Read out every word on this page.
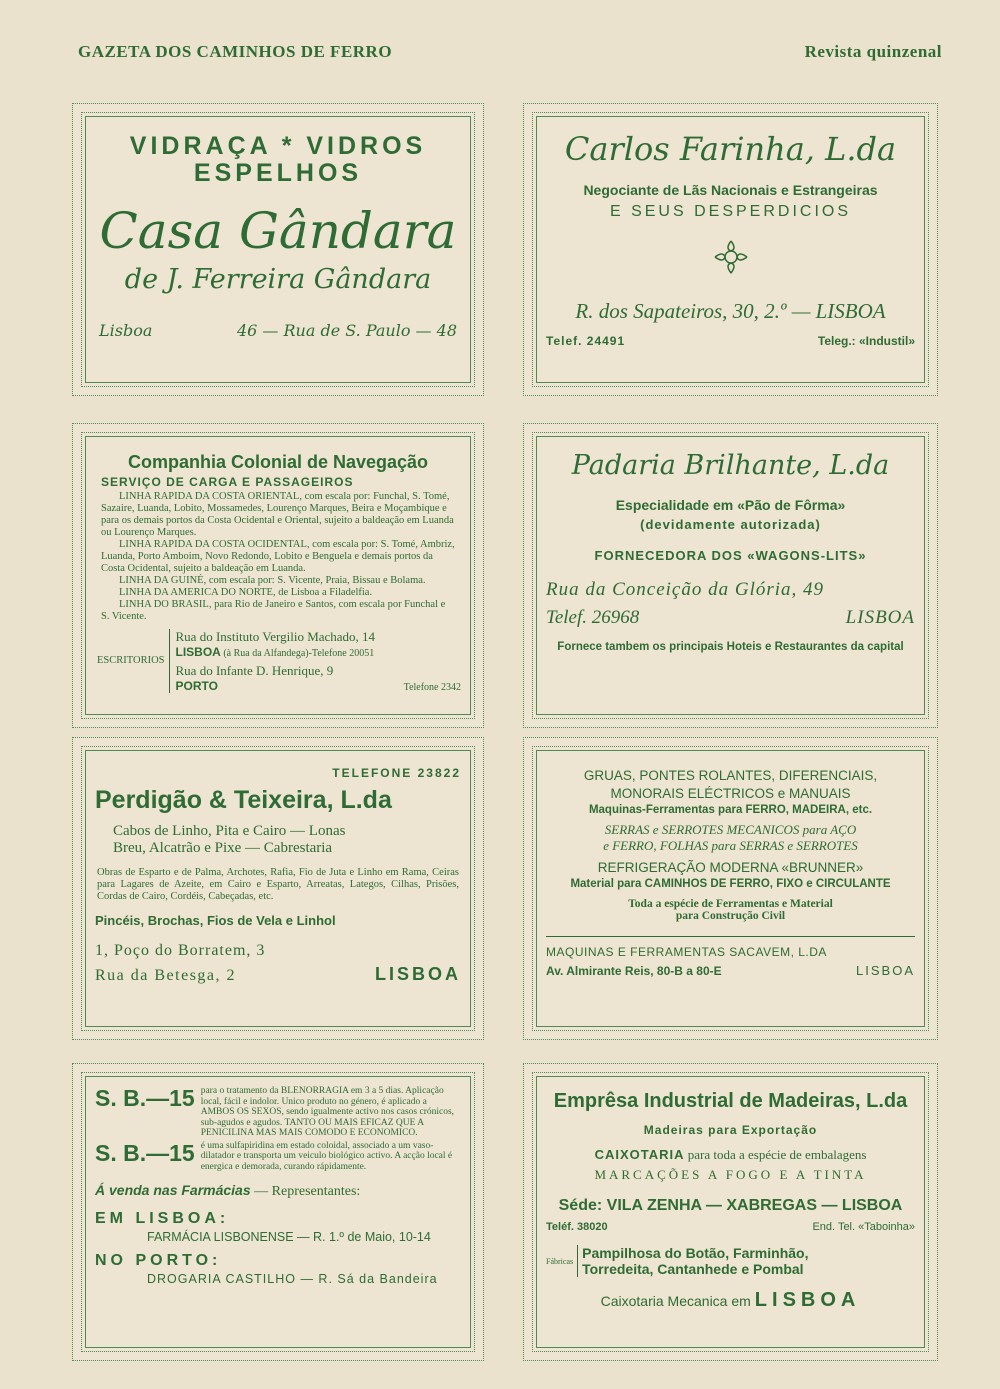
GAZETA DOS CAMINHOS DE FERRO	Revista quinzenal
VIDRAÇA * VIDROS
ESPELHOS
Casa Gândara
de J. Ferreira Gândara
Lisboa	46 — Rua de S. Paulo — 48
Carlos Farinha, L.da
Negociante de Lãs Nacionais e Estrangeiras
E SEUS DESPERDICIOS
R. dos Sapateiros, 30, 2.º — LISBOA
Telef. 24491	Teleg.: «Industil»
Companhia Colonial de Navegação
SERVIÇO DE CARGA E PASSAGEIROS
LINHA RAPIDA DA COSTA ORIENTAL, com escala por: Funchal, S. Tomé, Sazaire, Luanda, Lobito, Mossamedes, Lourenço Marques, Beira e Moçambique e para os demais portos da Costa Ocidental e Oriental, sujeito a baldeação em Luanda ou Lourenço Marques.
LINHA RAPIDA DA COSTA OCIDENTAL, com escala por: S. Tomé, Ambriz, Luanda, Porto Amboim, Novo Redondo, Lobito e Benguela e demais portos da Costa Ocidental, sujeito a baldeação em Luanda.
LINHA DA GUINÉ, com escala por: S. Vicente, Praia, Bissau e Bolama.
LINHA DA AMERICA DO NORTE, de Lisboa a Filadelfia.
LINHA DO BRASIL, para Rio de Janeiro e Santos, com escala por Funchal e S. Vicente.
ESCRITORIOS
Rua do Instituto Vergilio Machado, 14
LISBOA (à Rua da Alfandega)-Telefone 20051
Rua do Infante D. Henrique, 9
PORTO	Telefone 2342
Padaria Brilhante, L.da
Especialidade em «Pão de Fôrma»
(devidamente autorizada)
FORNECEDORA DOS «WAGONS-LITS»
Rua da Conceição da Glória, 49
Telef. 26968	LISBOA
Fornece tambem os principais Hoteis e Restaurantes da capital
TELEFONE 23822
Perdigão & Teixeira, L.da
Cabos de Linho, Pita e Cairo — Lonas
Breu, Alcatrão e Pixe — Cabrestaria
Obras de Esparto e de Palma, Archotes, Rafia, Fio de Juta e Linho em Rama, Ceiras para Lagares de Azeite, em Cairo e Esparto, Arreatas, Lategos, Cilhas, Prisões, Cordas de Cairo, Cordéis, Cabeçadas, etc.
Pincéis, Brochas, Fios de Vela e Linhol
1, Poço do Borratem, 3
Rua da Betesga, 2	LISBOA
GRUAS, PONTES ROLANTES, DIFERENCIAIS,
MONORAIS ELÉCTRICOS e MANUAIS
Maquinas-Ferramentas para FERRO, MADEIRA, etc.
SERRAS e SERROTES MECANICOS para AÇO
e FERRO, FOLHAS para SERRAS e SERROTES
REFRIGERAÇÃO MODERNA «BRUNNER»
Material para CAMINHOS DE FERRO, FIXO e CIRCULANTE
Toda a espécie de Ferramentas e Material
para Construção Civil
MAQUINAS E FERRAMENTAS SACAVEM, L.DA
Av. Almirante Reis, 80-B a 80-E	LISBOA
S. B.—15 para o tratamento da BLENORRAGIA em 3 a 5 dias. Aplicação local, fácil e indolor. Unico produto no género, é aplicado a AMBOS OS SEXOS, sendo igualmente activo nos casos crónicos, sub-agudos e agudos. TANTO OU MAIS EFICAZ QUE A PENICILINA MAS MAIS COMODO E ECONOMICO.
S. B.—15 é uma sulfapiridina em estado coloidal, associado a um vaso-dilatador e transporta um veiculo biológico activo. A acção local é energica e demorada, curando rápidamente.
Á venda nas Farmácias — Representantes:
EM LISBOA:
FARMÁCIA LISBONENSE — R. 1.º de Maio, 10-14
NO PORTO:
DROGARIA CASTILHO — R. Sá da Bandeira
Emprêsa Industrial de Madeiras, L.da
Madeiras para Exportação
CAIXOTARIA para toda a espécie de embalagens
MARCAÇÕES A FOGO E A TINTA
Séde: VILA ZENHA — XABREGAS — LISBOA
Teléf. 38020	End. Tel. «Taboinha»
Fábricas Pampilhosa do Botão, Farminhão,
Torredeita, Cantanhede e Pombal
Caixotaria Mecanica em LISBOA
